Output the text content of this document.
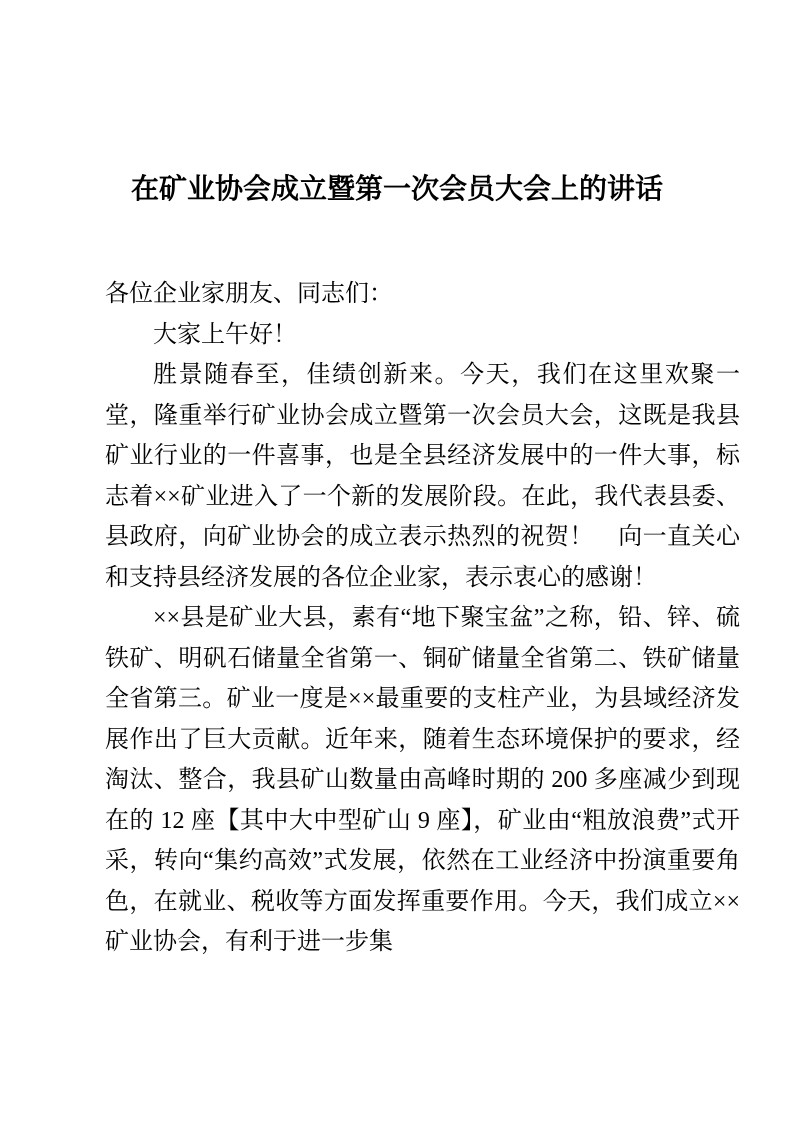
在矿业协会成立暨第一次会员大会上的讲话

各位企业家朋友、同志们：

大家上午好！

胜景随春至，佳绩创新来。今天，我们在这里欢聚一堂，隆重举行矿业协会成立暨第一次会员大会，这既是我县矿业行业的一件喜事，也是全县经济发展中的一件大事，标志着××矿业进入了一个新的发展阶段。在此，我代表县委、县政府，向矿业协会的成立表示热烈的祝贺！　向一直关心和支持县经济发展的各位企业家，表示衷心的感谢！

××县是矿业大县，素有“地下聚宝盆”之称，铅、锌、硫铁矿、明矾石储量全省第一、铜矿储量全省第二、铁矿储量全省第三。矿业一度是××最重要的支柱产业，为县域经济发展作出了巨大贡献。近年来，随着生态环境保护的要求，经淘汰、整合，我县矿山数量由高峰时期的 200 多座减少到现在的 12 座【其中大中型矿山 9 座】，矿业由“粗放浪费”式开采，转向“集约高效”式发展，依然在工业经济中扮演重要角色，在就业、税收等方面发挥重要作用。今天，我们成立××矿业协会，有利于进一步集
